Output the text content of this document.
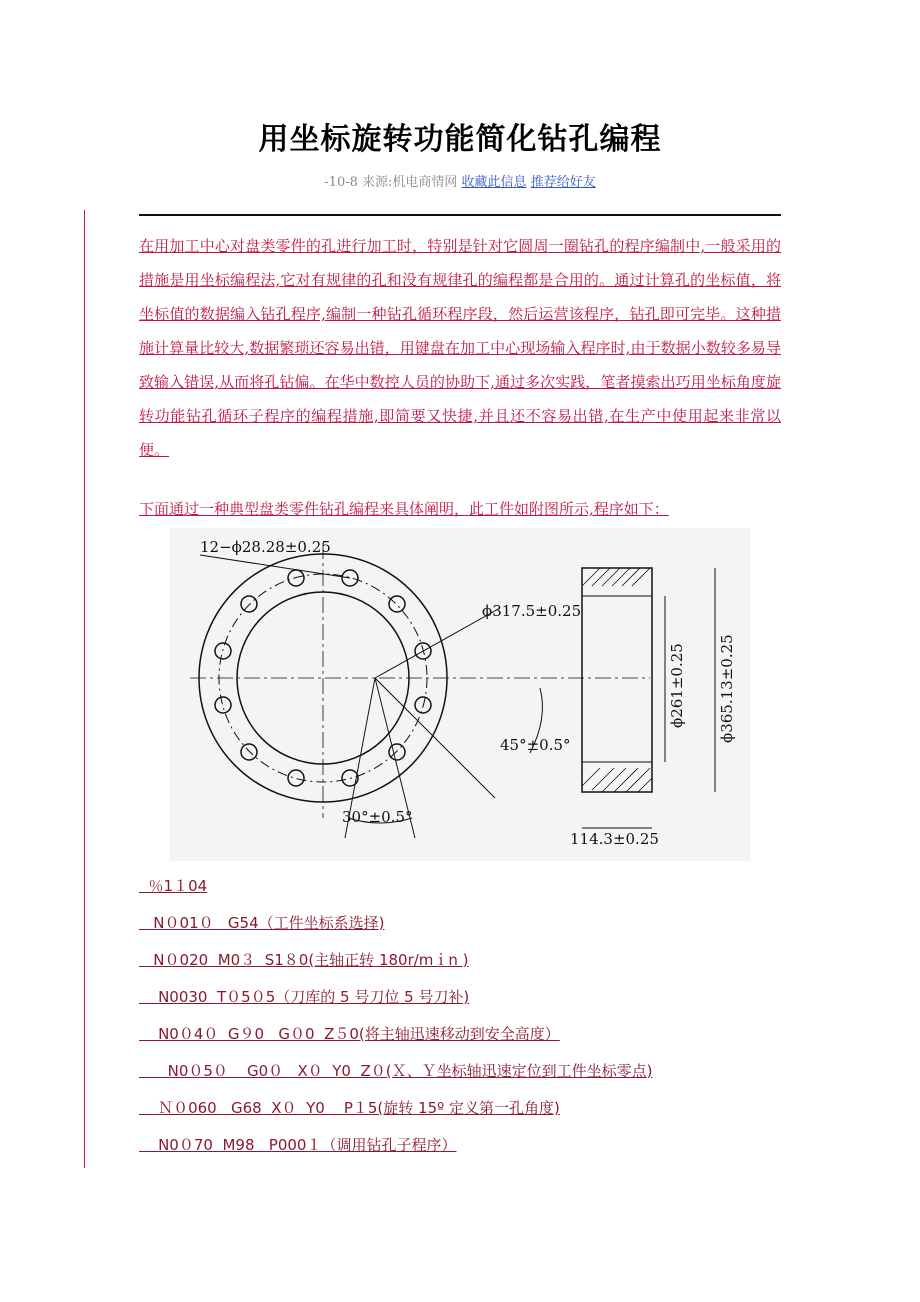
用坐标旋转功能简化钻孔编程
-10-8 来源:机电商情网 收藏此信息 推荐给好友
在用加工中心对盘类零件的孔进行加工时，特别是针对它圆周一圈钻孔的程序编制中,一般采用的措施是用坐标编程法,它对有规律的孔和没有规律孔的编程都是合用的。通过计算孔的坐标值，将坐标值的数据编入钻孔程序,编制一种钻孔循环程序段，然后运营该程序，钻孔即可完毕。这种措施计算量比较大,数据繁琐还容易出错，用键盘在加工中心现场输入程序时,由于数据小数较多易导致输入错误,从而将孔钻偏。在华中数控人员的协助下,通过多次实践，笔者摸索出巧用坐标角度旋转功能钻孔循环子程序的编程措施,即简要又快捷,并且还不容易出错,在生产中使用起来非常以便。
下面通过一种典型盘类零件钻孔编程来具体阐明，此工件如附图所示,程序如下：
12−ϕ28.28±0.25
ϕ317.5±0.25
45°±0.5°
30°±0.5°
114.3±0.25
ϕ261±0.25 ϕ365.13±0.25
％1１04
N０01０   G54（工件坐标系选择)
N０020  M0３  S1８0(主轴正转 180r/mｉn )
N0030  T０5０5（刀库的 5 号刀位 5 号刀补)
N0０4０  G９0   G０0  Z５0(将主轴迅速移动到安全高度）
N0０5０    G0０   X０  Y0  Z０(Ｘ、Ｙ坐标轴迅速定位到工件坐标零点)
Ｎ０060   G68  X０  Y0    P１5(旋转 15º 定义第一孔角度)
N0０70  M98   P000１（调用钻孔子程序）
